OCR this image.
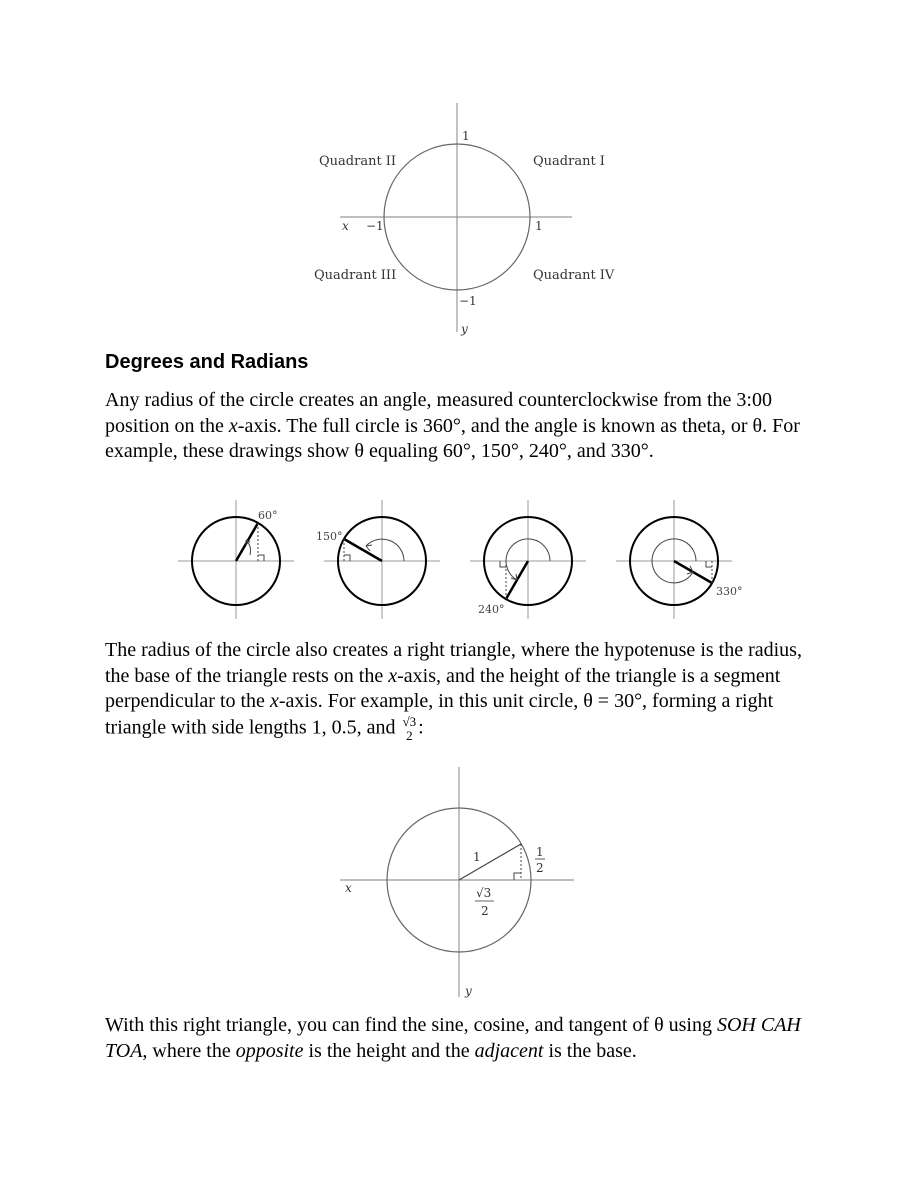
Quadrant I
Quadrant II
Quadrant III	Quadrant IV
1
−1	1
−1
x
y
Degrees and Radians

Any radius of the circle creates an angle, measured counterclockwise from the 3:00 position on the x-axis. The full circle is 360°, and the angle is known as theta, or θ. For example, these drawings show θ equaling 60°, 150°, 240°, and 330°.

60°
150°
240°
330°

The radius of the circle also creates a right triangle, where the hypotenuse is the radius, the base of the triangle rests on the x-axis, and the height of the triangle is a segment perpendicular to the x-axis. For example, in this unit circle, θ = 30°, forming a right triangle with side lengths 1, 0.5, and √3
2 :

1	1
2
√3
2
x
y

With this right triangle, you can find the sine, cosine, and tangent of θ using SOH CAH TOA, where the opposite is the height and the adjacent is the base.
